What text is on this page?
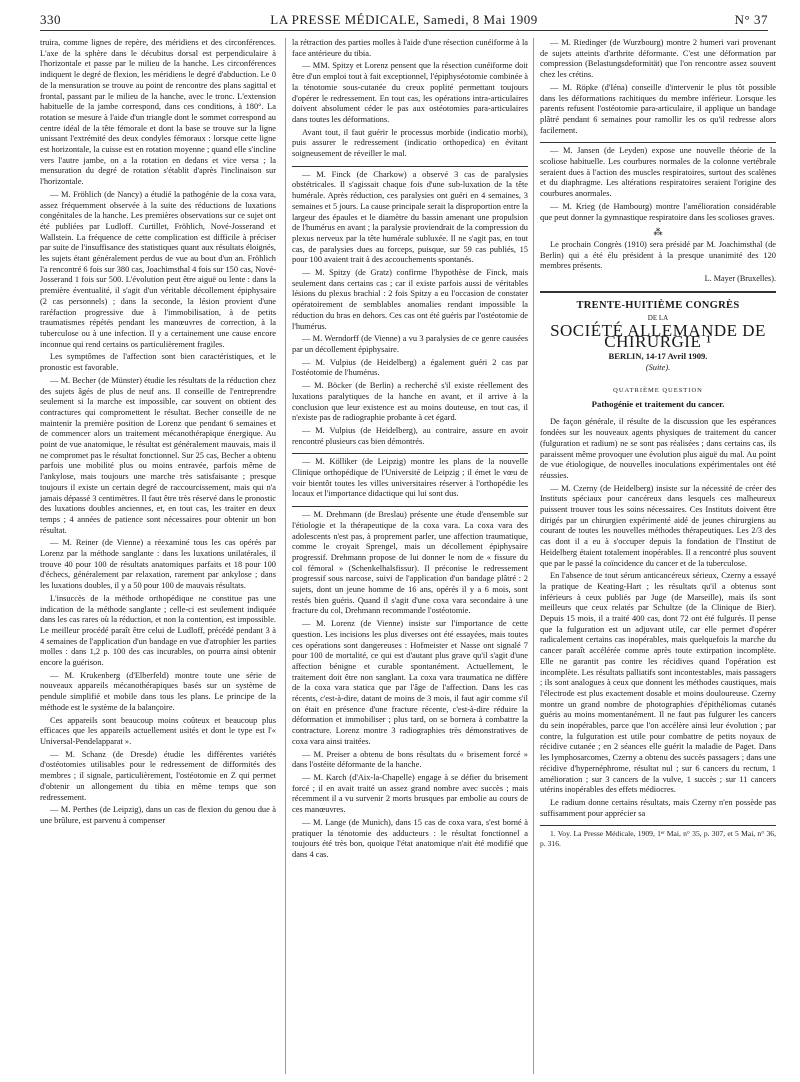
330	LA PRESSE MÉDICALE, Samedi, 8 Mai 1909	N° 37

truira, comme lignes de repère, des méridiens et des circonférences. L'axe de la sphère dans le décubitus dorsal est perpendiculaire à l'horizontale et passe par le milieu de la hanche. Les circonférences indiquent le degré de flexion, les méridiens le degré d'abduction. Le 0 de la mensuration se trouve au point de rencontre des plans sagittal et frontal, passant par le milieu de la hanche, avec le tronc. L'extension habituelle de la jambe correspond, dans ces conditions, à 180°. La rotation se mesure à l'aide d'un triangle dont le sommet correspond au centre idéal de la tête fémorale et dont la base se trouve sur la ligne unissant l'extrémité des deux condyles fémoraux : lorsque cette ligne est horizontale, la cuisse est en rotation moyenne ; quand elle s'incline vers l'autre jambe, on a la rotation en dedans et vice versa ; la mensuration du degré de rotation s'établit d'après l'inclinaison sur l'horizontale.

— M. Fröhlich (de Nancy) a étudié la pathogénie de la coxa vara, assez fréquemment observée à la suite des réductions de luxations congénitales de la hanche. Les premières observations sur ce sujet ont été publiées par Ludloff. Curtillet, Fröhlich, Nové-Josserand et Wallstein. La fréquence de cette complication est difficile à préciser par suite de l'insuffisance des statistiques quant aux résultats éloignés, les sujets étant généralement perdus de vue au bout d'un an. Fröhlich l'a rencontré 6 fois sur 380 cas, Joachimsthal 4 fois sur 150 cas, Nové-Josserand 1 fois sur 500. L'évolution peut être aiguë ou lente : dans la première éventualité, il s'agit d'un véritable décollement épiphysaire (2 cas personnels) ; dans la seconde, la lésion provient d'une raréfaction progressive due à l'immobilisation, à de petits traumatismes répétés pendant les manœuvres de correction, à la tuberculose ou à une infection. Il y a certainement une cause encore inconnue qui rend certains os particulièrement fragiles.

Les symptômes de l'affection sont bien caractéristiques, et le pronostic est favorable.

— M. Becher (de Münster) étudie les résultats de la réduction chez des sujets âgés de plus de neuf ans. Il conseille de l'entreprendre seulement si la marche est impossible, car souvent on obtient des contractures qui compromettent le résultat. Becher conseille de ne maintenir la première position de Lorenz que pendant 6 semaines et de commencer alors un traitement mécanothérapique énergique. Au point de vue anatomique, le résultat est généralement mauvais, mais il ne compromet pas le résultat fonctionnel. Sur 25 cas, Becher a obtenu parfois une mobilité plus ou moins entravée, parfois même de l'ankylose, mais toujours une marche très satisfaisante ; presque toujours il existe un certain degré de raccourcissement, mais qui n'a jamais dépassé 3 centimètres. Il faut être très réservé dans le pronostic des luxations doubles anciennes, et, en tout cas, les traiter en deux temps ; 4 années de patience sont nécessaires pour obtenir un bon résultat.

— M. Reiner (de Vienne) a réexaminé tous les cas opérés par Lorenz par la méthode sanglante : dans les luxations unilatérales, il trouve 40 pour 100 de résultats anatomiques parfaits et 18 pour 100 d'échecs, généralement par relaxation, rarement par ankylose ; dans les luxations doubles, il y a 50 pour 100 de mauvais résultats.

L'insuccès de la méthode orthopédique ne constitue pas une indication de la méthode sanglante ; celle-ci est seulement indiquée dans les cas rares où la réduction, et non la contention, est impossible. Le meilleur procédé paraît être celui de Ludloff, précédé pendant 3 à 4 semaines de l'application d'un bandage en vue d'atrophier les parties molles : dans 1,2 p. 100 des cas incurables, on pourra ainsi obtenir encore la guérison.

— M. Krukenberg (d'Elberfeld) montre toute une série de nouveaux appareils mécanothérapiques basés sur un système de pendule simplifié et mobile dans tous les plans. Le principe de la méthode est le système de la balançoire.

Ces appareils sont beaucoup moins coûteux et beaucoup plus efficaces que les appareils actuellement usités et dont le type est l'« Universal-Pendelapparat ».

— M. Schanz (de Dresde) étudie les différentes variétés d'ostéotomies utilisables pour le redressement de difformités des membres ; il signale, particulièrement, l'ostéotomie en Z qui permet d'obtenir un allongement du tibia en même temps que son redressement.

— M. Perthes (de Leipzig), dans un cas de flexion du genou due à une brûlure, est parvenu à compenser

la rétraction des parties molles à l'aide d'une résection cunéiforme à la face antérieure du tibia.

— MM. Spitzy et Lorenz pensent que la résection cunéiforme doit être d'un emploi tout à fait exceptionnel, l'épiphyséotomie combinée à la ténotomie sous-cutanée du creux poplité permettant toujours d'opérer le redressement. En tout cas, les opérations intra-articulaires doivent absolument céder le pas aux ostéotomies para-articulaires dans toutes les déformations.

Avant tout, il faut guérir le processus morbide (indicatio morbi), puis assurer le redressement (indicatio orthopedica) en évitant soigneusement de réveiller le mal.

— M. Finck (de Charkow) a observé 3 cas de paralysies obstétricales. Il s'agissait chaque fois d'une sub-luxation de la tête humérale. Après réduction, ces paralysies ont guéri en 4 semaines, 3 semaines et 5 jours. La cause principale serait la disproportion entre la largeur des épaules et le diamètre du bassin amenant une propulsion de l'humérus en avant ; la paralysie proviendrait de la compression du plexus nerveux par la tête humérale subluxée. Il ne s'agit pas, en tout cas, de paralysies dues au forceps, puisque, sur 59 cas publiés, 15 pour 100 avaient trait à des accouchements spontanés.

— M. Spitzy (de Gratz) confirme l'hypothèse de Finck, mais seulement dans certains cas ; car il existe parfois aussi de véritables lésions du plexus brachial : 2 fois Spitzy a eu l'occasion de constater opératoirement de semblables anomalies rendant impossible la réduction du bras en dehors. Ces cas ont été guéris par l'ostéotomie de l'humérus.

— M. Werndorff (de Vienne) a vu 3 paralysies de ce genre causées par un décollement épiphysaire.

— M. Vulpius (de Heidelberg) a également guéri 2 cas par l'ostéotomie de l'humérus.

— M. Böcker (de Berlin) a recherché s'il existe réellement des luxations paralytiques de la hanche en avant, et il arrive à la conclusion que leur existence est au moins douteuse, en tout cas, il n'existe pas de radiographie probante à cet égard.

— M. Vulpius (de Heidelberg), au contraire, assure en avoir rencontré plusieurs cas bien démontrés.

— M. Kölliker (de Leipzig) montre les plans de la nouvelle Clinique orthopédique de l'Université de Leipzig ; il émet le vœu de voir bientôt toutes les villes universitaires réserver à l'orthopédie les locaux et l'importance didactique qui lui sont dus.

— M. Drehmann (de Breslau) présente une étude d'ensemble sur l'étiologie et la thérapeutique de la coxa vara. La coxa vara des adolescents n'est pas, à proprement parler, une affection traumatique, comme le croyait Sprengel, mais un décollement épiphysaire progressif. Drehmann propose de lui donner le nom de « fissure du col fémoral » (Schenkelhalsfissur). Il préconise le redressement progressif sous narcose, suivi de l'application d'un bandage plâtré : 2 sujets, dont un jeune homme de 16 ans, opérés il y a 6 mois, sont restés bien guéris. Quand il s'agit d'une coxa vara secondaire à une fracture du col, Drehmann recommande l'ostéotomie.

— M. Lorenz (de Vienne) insiste sur l'importance de cette question. Les incisions les plus diverses ont été essayées, mais toutes ces opérations sont dangereuses : Hofmeister et Nasse ont signalé 7 pour 100 de mortalité, ce qui est d'autant plus grave qu'il s'agit d'une affection bénigne et curable spontanément. Actuellement, le traitement doit être non sanglant. La coxa vara traumatica ne diffère de la coxa vara statica que par l'âge de l'affection. Dans les cas récents, c'est-à-dire, datant de moins de 3 mois, il faut agir comme s'il on était en présence d'une fracture récente, c'est-à-dire réduire la déformation et immobiliser ; plus tard, on se bornera à combattre la contracture. Lorenz montre 3 radiographies très démonstratives de coxa vara ainsi traitées.

— M. Preiser a obtenu de bons résultats du « brisement forcé » dans l'ostéite déformante de la hanche.

— M. Karch (d'Aix-la-Chapelle) engage à se défier du brisement forcé ; il en avait traité un assez grand nombre avec succès ; mais récemment il a vu survenir 2 morts brusques par embolie au cours de ces manœuvres.

— M. Lange (de Munich), dans 15 cas de coxa vara, s'est borné à pratiquer la ténotomie des adducteurs : le résultat fonctionnel a toujours été très bon, quoique l'état anatomique n'ait été modifié que dans 4 cas.

— M. Riedinger (de Wurzbourg) montre 2 humeri varі provenant de sujets atteints d'arthrite déformante. C'est une déformation par compression (Belastungsdeformität) que l'on rencontre assez souvent chez les crétins.

— M. Röpke (d'Iéna) conseille d'intervenir le plus tôt possible dans les déformations rachitiques du membre inférieur. Lorsque les parents refusent l'ostéotomie para-articulaire, il applique un bandage plâtré pendant 6 semaines pour ramollir les os qu'il redresse alors facilement.

— M. Jansen (de Leyden) expose une nouvelle théorie de la scoliose habituelle. Les courbures normales de la colonne vertébrale seraient dues à l'action des muscles respiratoires, surtout des scalènes et du diaphragme. Les altérations respiratoires seraient l'origine des courbures anormales.

— M. Krieg (de Hambourg) montre l'amélioration considérable que peut donner la gymnastique respiratoire dans les scolioses graves.

⁂

Le prochain Congrès (1910) sera présidé par M. Joachimsthal (de Berlin) qui a été élu président à la presque unanimité des 120 membres présents.

L. Mayer (Bruxelles).
TRENTE-HUITIÈME CONGRÈS
DE LA
SOCIÉTÉ ALLEMANDE DE CHIRURGIE ¹
BERLIN, 14-17 Avril 1909.
(Suite).
QUATRIÈME QUESTION
Pathogénie et traitement du cancer.

De façon générale, il résulte de la discussion que les espérances fondées sur les nouveaux agents physiques de traitement du cancer (fulguration et radium) ne se sont pas réalisées ; dans certains cas, ils paraissent même provoquer une évolution plus aiguë du mal. Au point de vue étiologique, de nouvelles inoculations expérimentales ont été réussies.

— M. Czerny (de Heidelberg) insiste sur la nécessité de créer des Instituts spéciaux pour cancéreux dans lesquels ces malheureux puissent trouver tous les soins nécessaires. Ces Instituts doivent être dirigés par un chirurgien expérimenté aidé de jeunes chirurgiens au courant de toutes les nouvelles méthodes thérapeutiques. Les 2/3 des cas dont il a eu à s'occuper depuis la fondation de l'Institut de Heidelberg étaient totalement inopérables. Il a rencontré plus souvent que par le passé la coïncidence du cancer et de la tuberculose.

En l'absence de tout sérum anticancéreux sérieux, Czerny a essayé la pratique de Keating-Hart ; les résultats qu'il a obtenus sont inférieurs à ceux publiés par Juge (de Marseille), mais ils sont meilleurs que ceux relatés par Schultze (de la Clinique de Bier). Depuis 15 mois, il a traité 400 cas, dont 72 ont été fulgurés. Il pense que la fulguration est un adjuvant utile, car elle permet d'opérer radicalement certains cas inopérables, mais quelquefois la marche du cancer paraît accélérée comme après toute extirpation incomplète. Elle ne garantit pas contre les récidives quand l'opération est incomplète. Les résultats palliatifs sont incontestables, mais passagers ; ils sont analogues à ceux que donnent les méthodes caustiques, mais l'électrode est plus exactement dosable et moins douloureuse. Czerny montre un grand nombre de photographies d'épithéliomas cutanés guéris au moins momentanément. Il ne faut pas fulgurer les cancers du sein inopérables, parce que l'on accélère ainsi leur évolution ; par contre, la fulguration est utile pour combattre de petits noyaux de récidive cutanée ; en 2 séances elle guérit la maladie de Paget. Dans les lymphosarcomes, Czerny a obtenu des succès passagers ; dans une récidive d'hypernéphrome, résultat nul ; sur 6 cancers du rectum, 1 amélioration ; sur 3 cancers de la vulve, 1 succès ; sur 11 cancers utérins inopérables des effets médiocres.

Le radium donne certains résultats, mais Czerny n'en possède pas suffisamment pour apprécier sa

1. Voy. La Presse Médicale, 1909, 1ᵉʳ Mai, n° 35, p. 307, et 5 Mai, n° 36, p. 316.
